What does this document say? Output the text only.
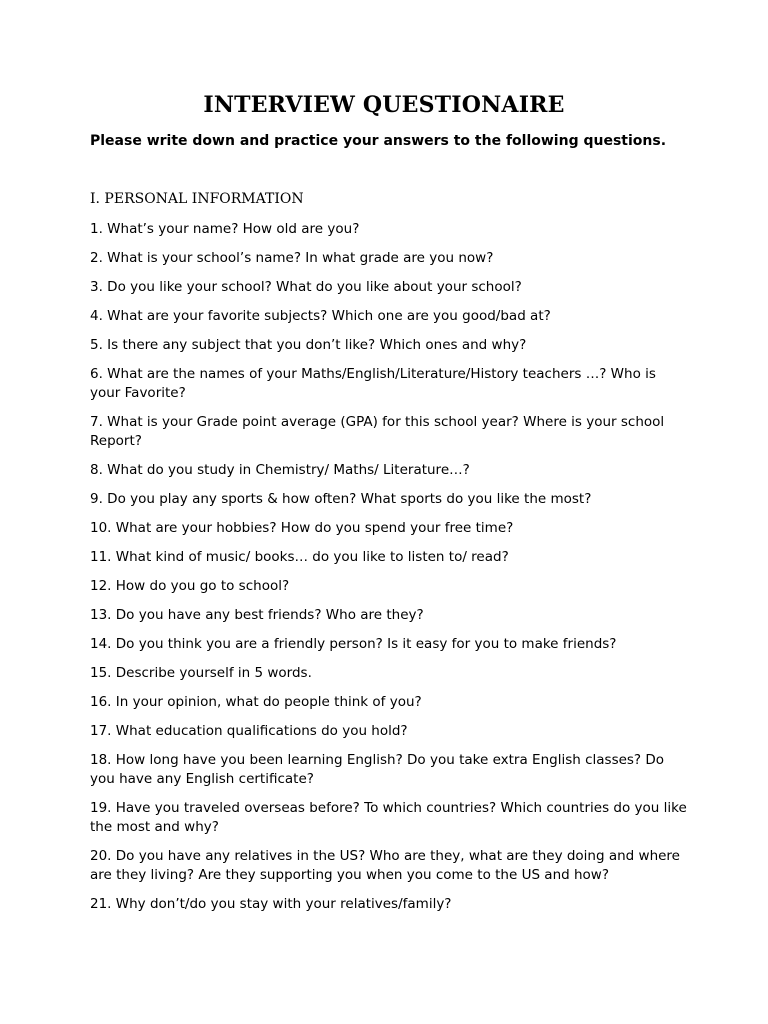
INTERVIEW QUESTIONAIRE
Please write down and practice your answers to the following questions.
I. PERSONAL INFORMATION
1. What’s your name? How old are you?
2. What is your school’s name? In what grade are you now?
3. Do you like your school? What do you like about your school?
4. What are your favorite subjects? Which one are you good/bad at?
5. Is there any subject that you don’t like? Which ones and why?
6. What are the names of your Maths/English/Literature/History teachers …? Who is your Favorite?
7. What is your Grade point average (GPA) for this school year? Where is your school Report?
8. What do you study in Chemistry/ Maths/ Literature…?
9. Do you play any sports & how often? What sports do you like the most?
10. What are your hobbies? How do you spend your free time?
11. What kind of music/ books… do you like to listen to/ read?
12. How do you go to school?
13. Do you have any best friends? Who are they?
14. Do you think you are a friendly person? Is it easy for you to make friends?
15. Describe yourself in 5 words.
16. In your opinion, what do people think of you?
17. What education qualifications do you hold?
18. How long have you been learning English? Do you take extra English classes? Do you have any English certificate?
19. Have you traveled overseas before? To which countries? Which countries do you like the most and why?
20. Do you have any relatives in the US? Who are they, what are they doing and where are they living? Are they supporting you when you come to the US and how?
21. Why don’t/do you stay with your relatives/family?
